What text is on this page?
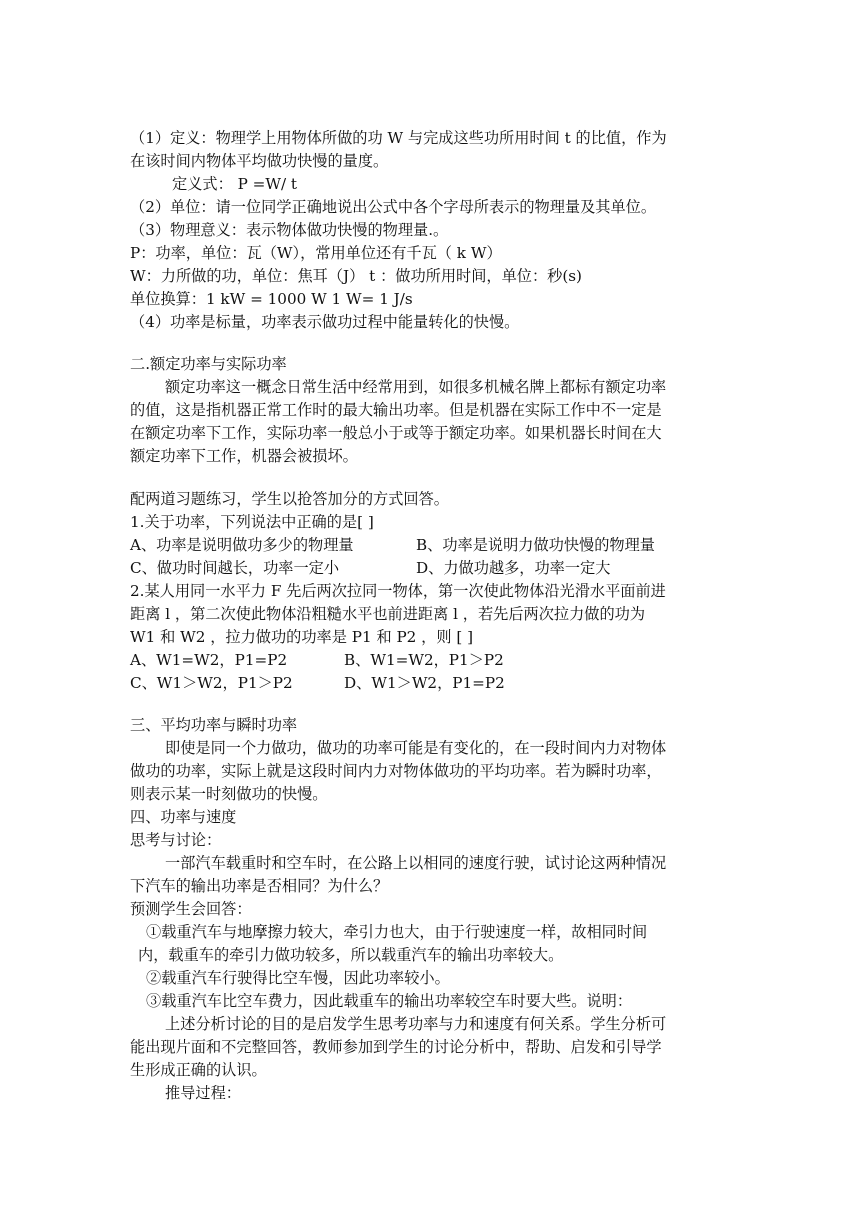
（1）定义：物理学上用物体所做的功 W 与完成这些功所用时间 t 的比值，作为
在该时间内物体平均做功快慢的量度。
定义式： P =W/ t
（2）单位：请一位同学正确地说出公式中各个字母所表示的物理量及其单位。
（3）物理意义：表示物体做功快慢的物理量.。
P：功率，单位：瓦（W），常用单位还有千瓦（ k W）
W：力所做的功，单位：焦耳（J） t ：做功所用时间，单位：秒(s)
单位换算：1 kW = 1000 W 1 W= 1 J/s
（4）功率是标量，功率表示做功过程中能量转化的快慢。
二.额定功率与实际功率
额定功率这一概念日常生活中经常用到，如很多机械名牌上都标有额定功率
的值，这是指机器正常工作时的最大输出功率。但是机器在实际工作中不一定是
在额定功率下工作，实际功率一般总小于或等于额定功率。如果机器长时间在大
额定功率下工作，机器会被损坏。
配两道习题练习，学生以抢答加分的方式回答。
1.关于功率，下列说法中正确的是[ ]
A、功率是说明做功多少的物理量	B、功率是说明力做功快慢的物理量
C、做功时间越长，功率一定小	D、力做功越多，功率一定大
2.某人用同一水平力 F 先后两次拉同一物体，第一次使此物体沿光滑水平面前进
距离 l ，第二次使此物体沿粗糙水平也前进距离 l ，若先后两次拉力做的功为
W1 和 W2 ，拉力做功的功率是 P1 和 P2 ，则 [ ]
A、W1=W2，P1=P2	B、W1=W2，P1＞P2
C、W1＞W2，P1＞P2	D、W1＞W2，P1=P2
三、平均功率与瞬时功率
即使是同一个力做功，做功的功率可能是有变化的，在一段时间内力对物体
做功的功率，实际上就是这段时间内力对物体做功的平均功率。若为瞬时功率，
则表示某一时刻做功的快慢。
四、功率与速度
思考与讨论：
一部汽车载重时和空车时，在公路上以相同的速度行驶，试讨论这两种情况
下汽车的输出功率是否相同？为什么？
预测学生会回答：
①载重汽车与地摩擦力较大，牵引力也大，由于行驶速度一样，故相同时间
内，载重车的牵引力做功较多，所以载重汽车的输出功率较大。
②载重汽车行驶得比空车慢，因此功率较小。
③载重汽车比空车费力，因此载重车的输出功率较空车时要大些。说明：
上述分析讨论的目的是启发学生思考功率与力和速度有何关系。学生分析可
能出现片面和不完整回答，教师参加到学生的讨论分析中，帮助、启发和引导学
生形成正确的认识。
推导过程：
